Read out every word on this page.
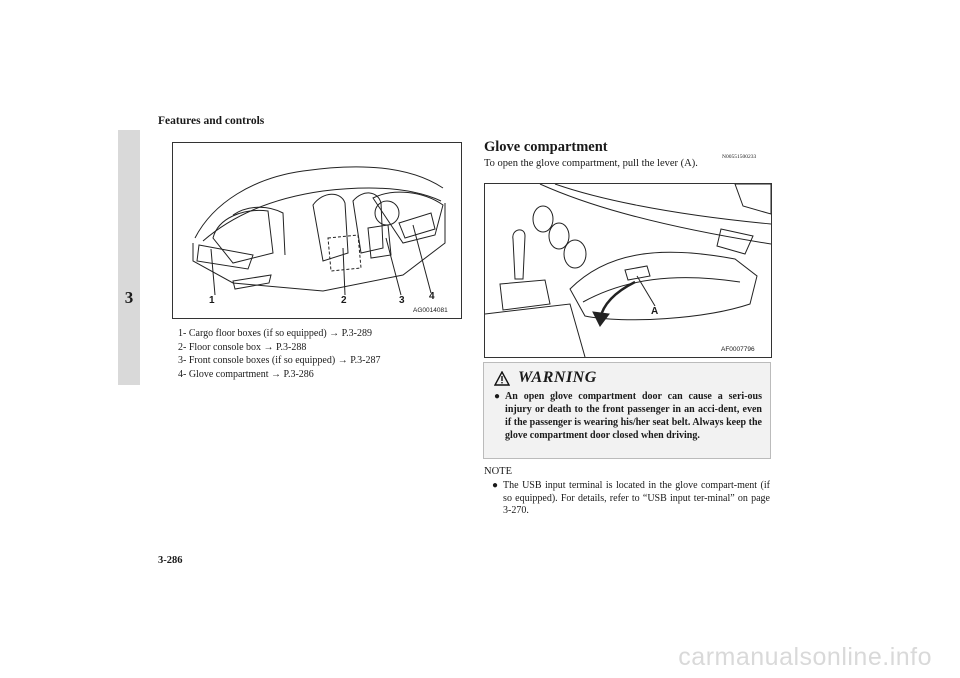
Features and controls
3	1	2	3 4
AG0014081
1- Cargo floor boxes (if so equipped) → P.3-289
2- Floor console box → P.3-288
3- Front console boxes (if so equipped) → P.3-287
4- Glove compartment → P.3-286
Glove compartment
N00551500233
To open the glove compartment, pull the lever (A).
A
AF0007796
WARNING
● An open glove compartment door can cause a seri-ous injury or death to the front passenger in an acci-dent, even if the passenger is wearing his/her seat belt. Always keep the glove compartment door closed when driving.
NOTE
● The USB input terminal is located in the glove compart-ment (if so equipped). For details, refer to “USB input ter-minal” on page 3-270.
3-286
carmanualsonline.info
